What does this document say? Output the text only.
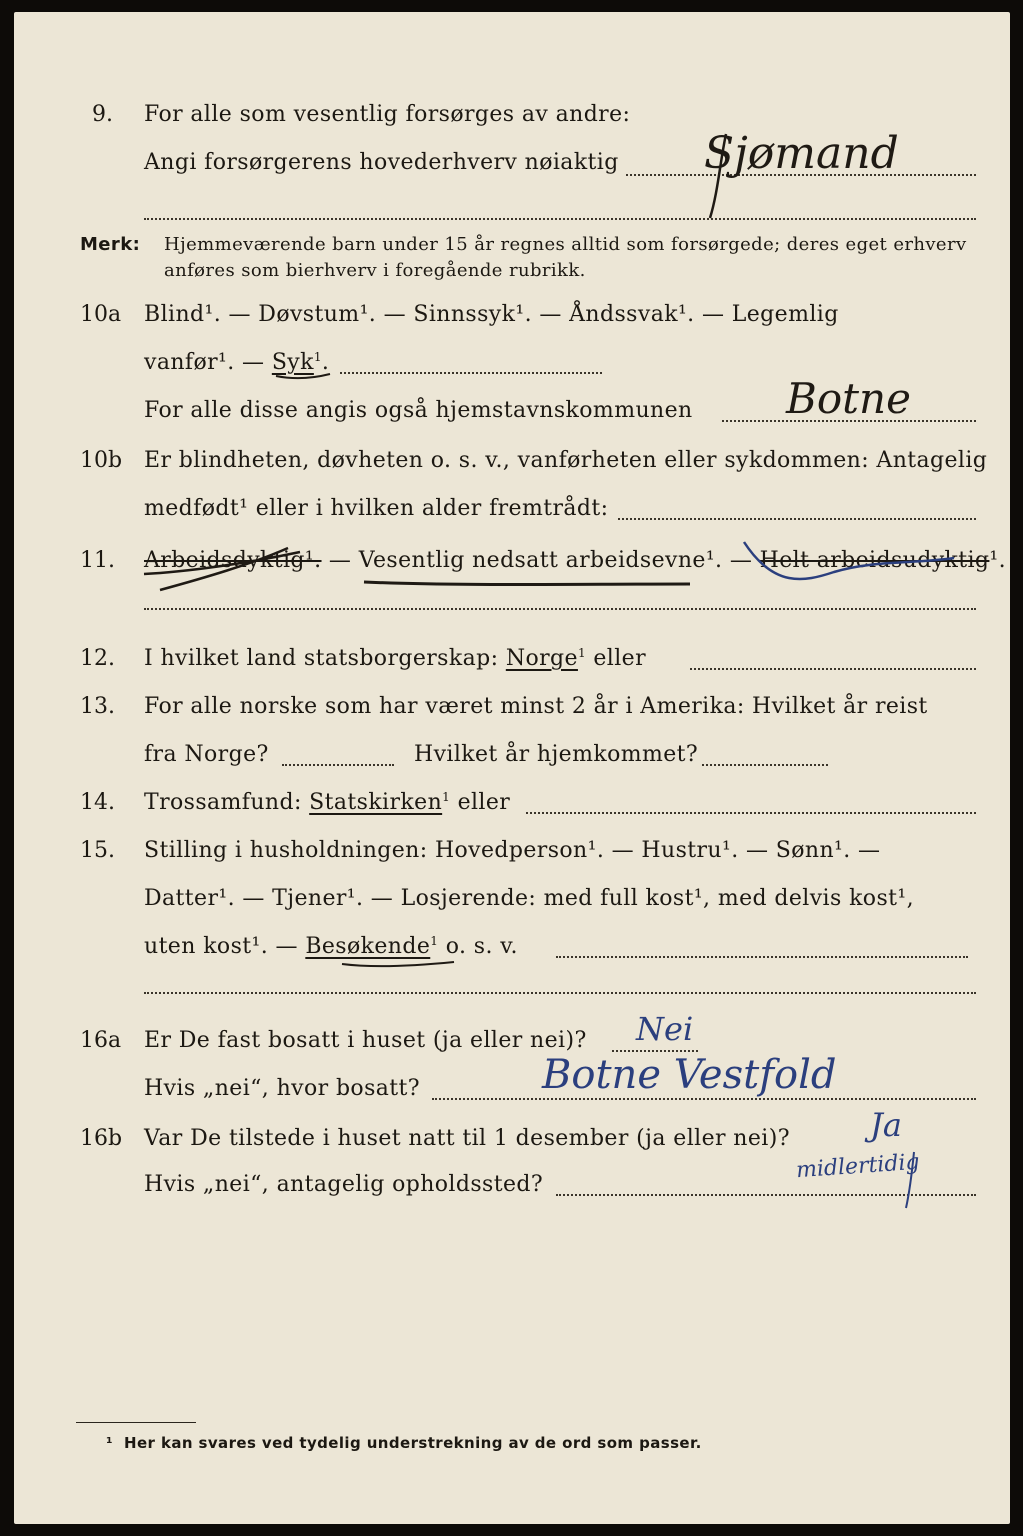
9. For alle som vesentlig forsørges av andre:
Angi forsørgerens hovederhverv nøiaktig Sjømand
Merk: Hjemmeværende barn under 15 år regnes alltid som forsørgede; deres eget erhverv
anføres som bierhverv i foregående rubrikk.
10a Blind¹. — Døvstum¹. — Sinnssyk¹. — Åndssvak¹. — Legemlig
vanfør¹. — Syk$^1$.
For alle disse angis også hjemstavnskommunen Botne
10b Er blindheten, døvheten o. s. v., vanførheten eller sykdommen: Antagelig
medfødt¹ eller i hvilken alder fremtrådt:
11. Arbeidsdyktig¹. — Vesentlig nedsatt arbeidsevne¹. — Helt arbeidsudyktig¹.
12. I hvilket land statsborgerskap: Norge$^1$ eller
13. For alle norske som har været minst 2 år i Amerika: Hvilket år reist
fra Norge?	Hvilket år hjemkommet?
14. Trossamfund: Statskirken$^1$ eller
15. Stilling i husholdningen: Hovedperson¹. — Hustru¹. — Sønn¹. —
Datter¹. — Tjener¹. — Losjerende: med full kost¹, med delvis kost¹,
uten kost¹. — Besøkende$^1$ o. s. v.
16a Er De fast bosatt i huset (ja eller nei)? Nei
Hvis „nei“, hvor bosatt?	Botne Vestfold
16b Var De tilstede i huset natt til 1 desember (ja eller nei)?	Ja
Hvis „nei“, antagelig opholdssted?
midlertidig
¹ Her kan svares ved tydelig understrekning av de ord som passer.
